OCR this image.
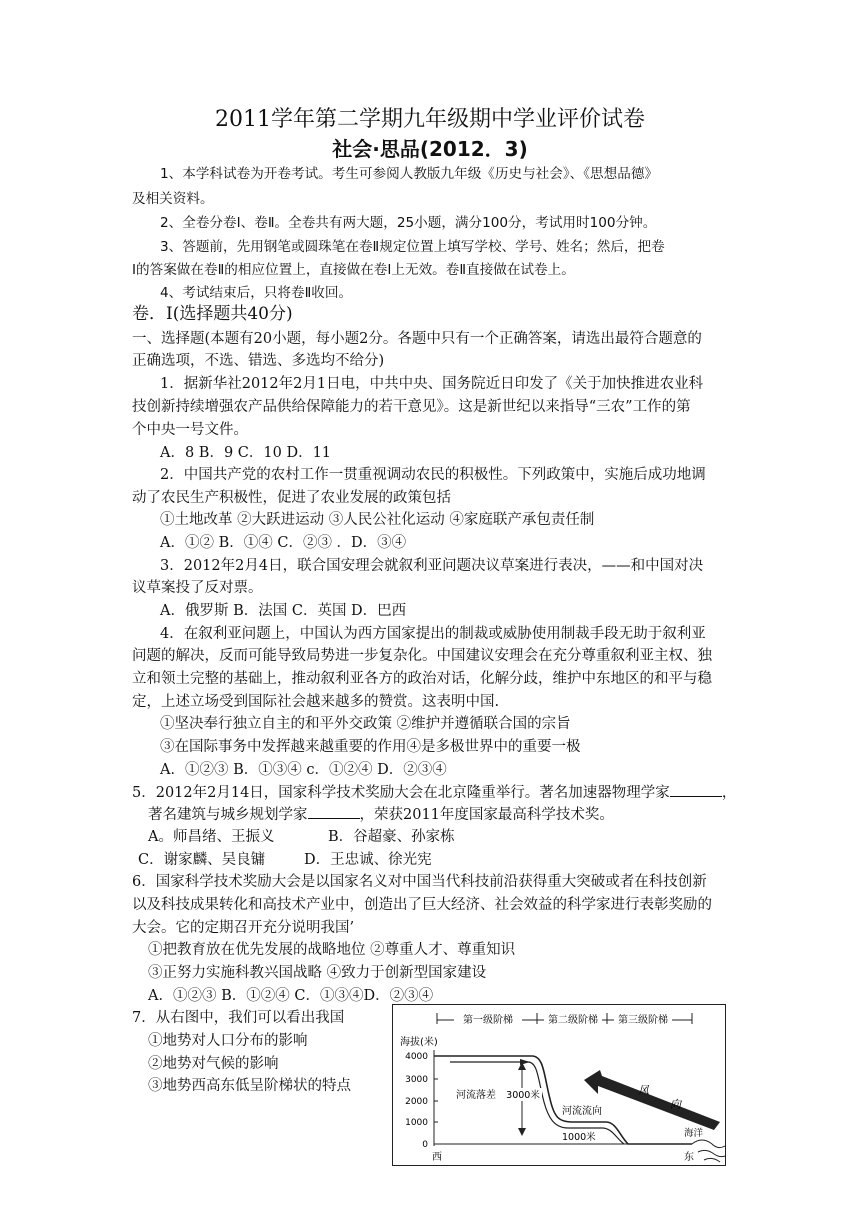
2011学年第二学期九年级期中学业评价试卷
社会·思品(2012．3)
1、本学科试卷为开卷考试。考生可参阅人教版九年级《历史与社会》、《思想品德》
及相关资料。
2、全卷分卷Ⅰ、卷Ⅱ。全卷共有两大题，25小题，满分100分，考试用时100分钟。
3、答题前，先用钢笔或圆珠笔在卷Ⅱ规定位置上填写学校、学号、姓名；然后，把卷
Ⅰ的答案做在卷Ⅱ的相应位置上，直接做在卷Ⅰ上无效。卷Ⅱ直接做在试卷上。
4、考试结束后，只将卷Ⅱ收回。
卷．Ⅰ(选择题共40分)
一、选择题(本题有20小题，每小题2分。各题中只有一个正确答案，请选出最符合题意的
正确选项，不选、错选、多选均不给分)
1．据新华社2012年2月1日电，中共中央、国务院近日印发了《关于加快推进农业科
技创新持续增强农产品供给保障能力的若干意见》。这是新世纪以来指导“三农”工作的第
个中央一号文件。
A．8 B．9 C．10 D．11
2．中国共产党的农村工作一贯重视调动农民的积极性。下列政策中，实施后成功地调
动了农民生产积极性，促进了农业发展的政策包括
①土地改革 ②大跃进运动 ③人民公社化运动 ④家庭联产承包责任制
A．①② B．①④ C．②③ ．D．③④
3．2012年2月4日，联合国安理会就叙利亚问题决议草案进行表决，——和中国对决
议草案投了反对票。
A．俄罗斯 B．法国 C．英国 D．巴西
4．在叙利亚问题上，中国认为西方国家提出的制裁或威胁使用制裁手段无助于叙利亚
问题的解决，反而可能导致局势进一步复杂化。中国建议安理会在充分尊重叙利亚主权、独
立和领土完整的基础上，推动叙利亚各方的政治对话，化解分歧，维护中东地区的和平与稳
定，上述立场受到国际社会越来越多的赞赏。这表明中国.
①坚决奉行独立自主的和平外交政策 ②维护并遵循联合国的宗旨
③在国际事务中发挥越来越重要的作用④是多极世界中的重要一极
A．①②③ B．①③④ c．①②④ D．②③④
5．2012年2月14日，国家科学技术奖励大会在北京隆重举行。著名加速器物理学家	，
著名建筑与城乡规划学家	，荣获2011年度国家最高科学技术奖。
A。师昌绪、王振义	B．谷超豪、孙家栋
C．谢家麟、吴良镛	D．王忠诚、徐光宪
6．国家科学技术奖励大会是以国家名义对中国当代科技前沿获得重大突破或者在科技创新
以及科技成果转化和高技术产业中，创造出了巨大经济、社会效益的科学家进行表彰奖励的
大会。它的定期召开充分说明我国’
①把教育放在优先发展的战略地位 ②尊重人才、尊重知识
③正努力实施科教兴国战略 ④致力于创新型国家建设
A．①②③ B．①②④ C．①③④D．②③④
7．从右图中，我们可以看出我国
①地势对人口分布的影响
②地势对气候的影响
③地势西高东低呈阶梯状的特点
第一级阶梯	第二级阶梯 第三级阶梯
海拔(米)
4000
3000
2000
1000
0
河流落差 3000米
河流流向
1000米
风
向
海洋
西	东
